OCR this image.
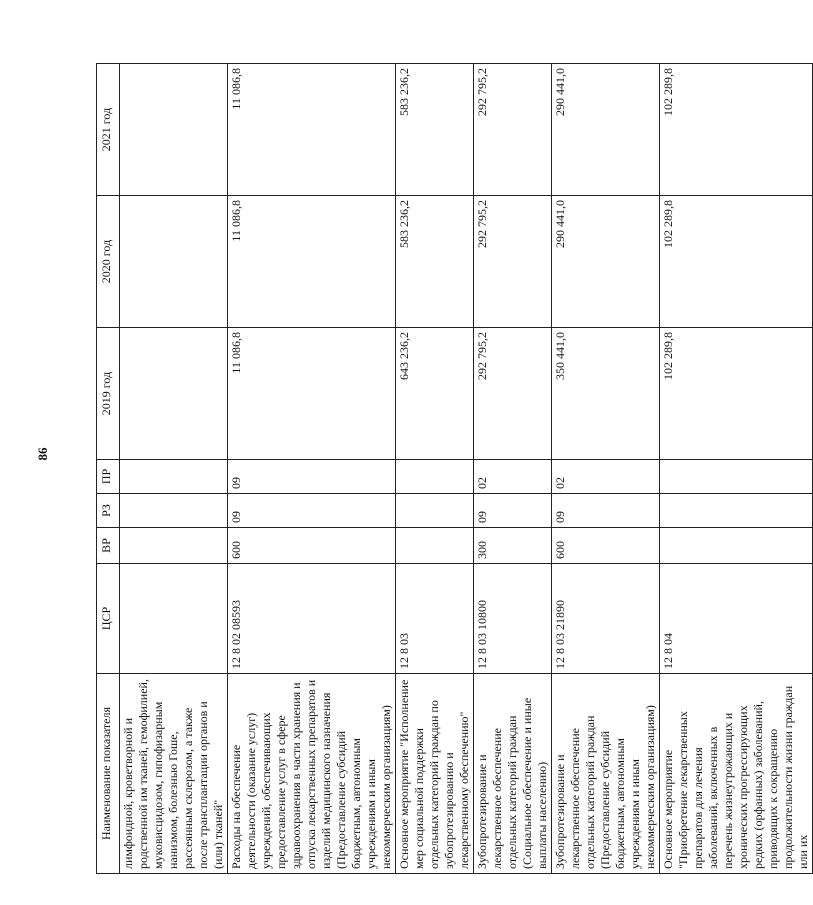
86
Наименование показателя	ЦСР	ВР	РЗ	ПР	2019 год	2020 год	2021 год
лимфоидной, кроветворной и родственной им тканей, гемофилией, муковисцидозом, гипофизарным нанизмом, болезнью Гоше, рассеянным склерозом, а также после трансплантации органов и (или) тканей"							
Расходы на обеспечение деятельности (оказание услуг) учреждений, обеспечивающих предоставление услуг в сфере здравоохранения в части хранения и отпуска лекарственных препаратов и изделий медицинского назначения (Предоставление субсидий бюджетным, автономным учреждениям и иным некоммерческим организациям)	12 8 02 08593	600	09	09	11 086,8	11 086,8	11 086,8
Основное мероприятие "Исполнение мер социальной поддержки отдельных категорий граждан по зубопротезированию и лекарственному обеспечению"	12 8 03				643 236,2	583 236,2	583 236,2
Зубопротезирование и лекарственное обеспечение отдельных категорий граждан (Социальное обеспечение и иные выплаты населению)	12 8 03 10800	300	09	02	292 795,2	292 795,2	292 795,2
Зубопротезирование и лекарственное обеспечение отдельных категорий граждан (Предоставление субсидий бюджетным, автономным учреждениям и иным некоммерческим организациям)	12 8 03 21890	600	09	02	350 441,0	290 441,0	290 441,0
Основное мероприятие "Приобретение лекарственных препаратов для лечения заболеваний, включенных в перечень жизнеугрожающих и хронических прогрессирующих редких (орфанных) заболеваний, приводящих к сокращению продолжительности жизни граждан или их	12 8 04				102 289,8	102 289,8	102 289,8
